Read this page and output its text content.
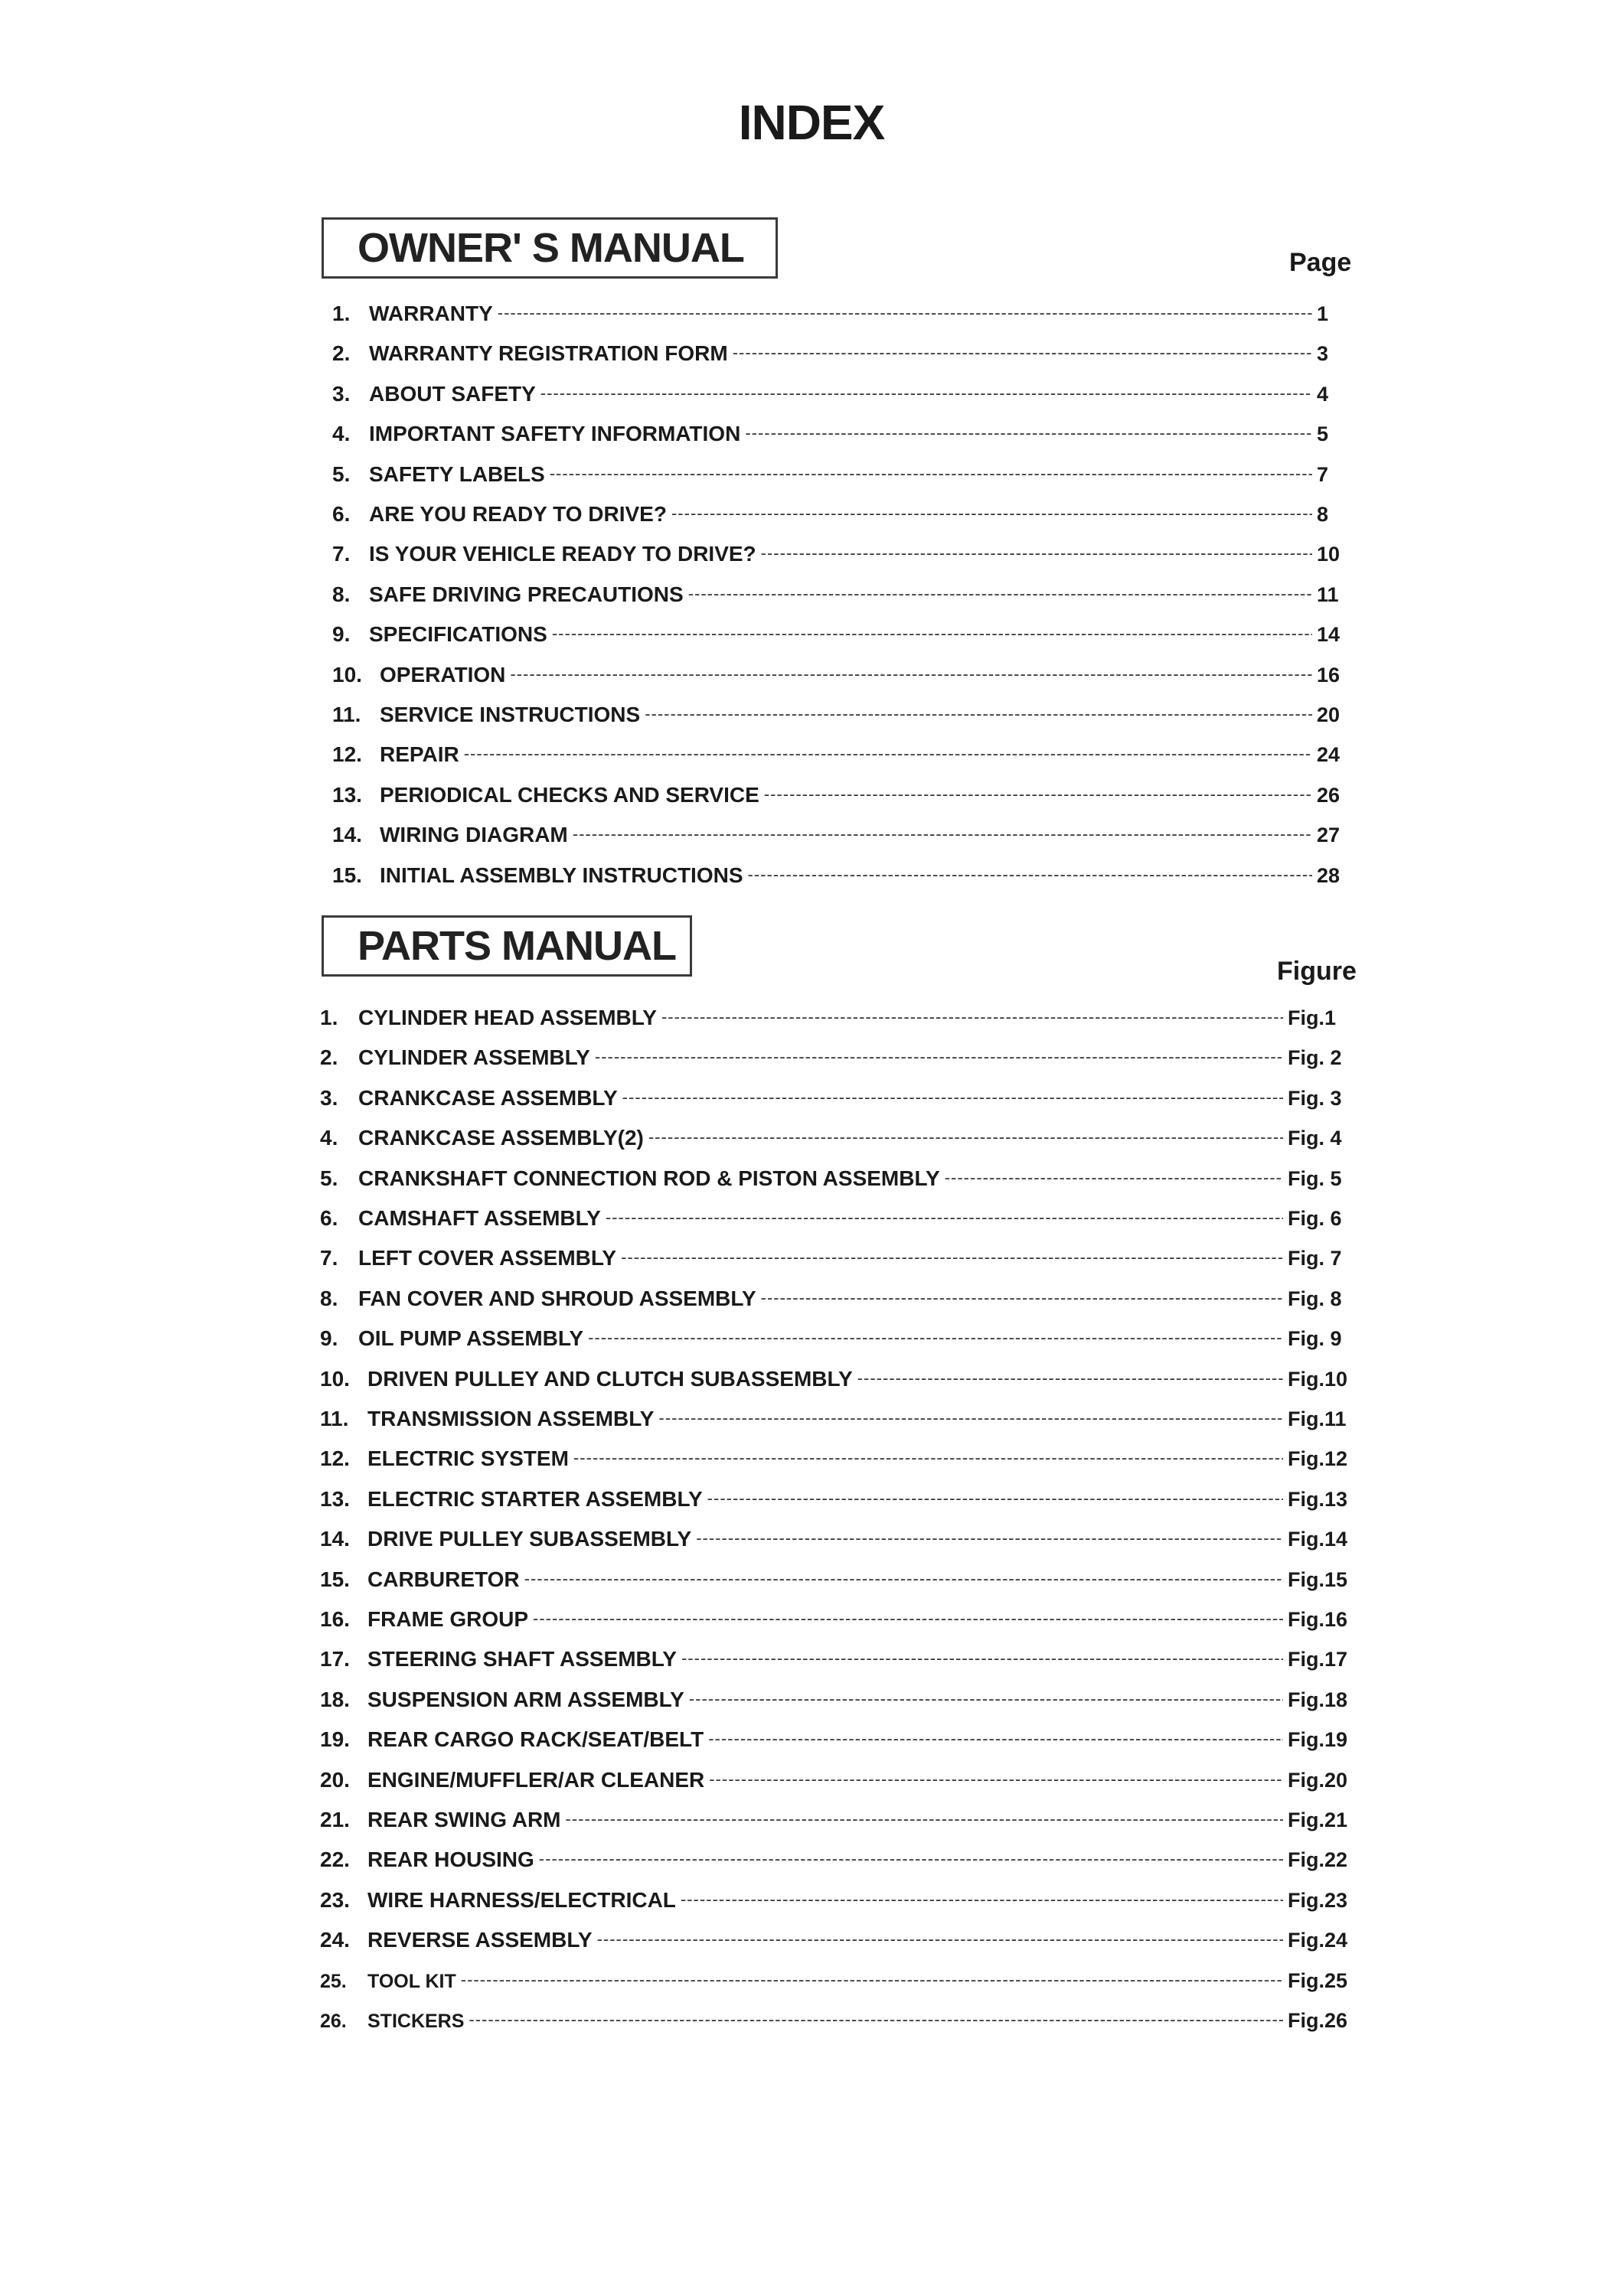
INDEX
OWNER' S MANUAL	Page
1. WARRANTY -----	1
2. WARRANTY REGISTRATION FORM -----	3
3. ABOUT SAFETY -----	4
4. IMPORTANT SAFETY INFORMATION -----	5
5. SAFETY LABELS -----	7
6. ARE YOU READY TO DRIVE? -----	8
7. IS YOUR VEHICLE READY TO DRIVE? -----	10
8. SAFE DRIVING PRECAUTIONS -----	11
9. SPECIFICATIONS -----	14
10. OPERATION -----	16
11. SERVICE INSTRUCTIONS -----	20
12. REPAIR -----	24
13. PERIODICAL CHECKS AND SERVICE -----	26
14. WIRING DIAGRAM -----	27
15. INITIAL ASSEMBLY INSTRUCTIONS -----	28
PARTS MANUAL
Figure
1. CYLINDER HEAD ASSEMBLY -----	Fig.1
2. CYLINDER ASSEMBLY -----	Fig. 2
3. CRANKCASE ASSEMBLY -----	Fig. 3
4. CRANKCASE ASSEMBLY(2) -----	Fig. 4
5. CRANKSHAFT CONNECTION ROD & PISTON ASSEMBLY -----	Fig. 5
6. CAMSHAFT ASSEMBLY -----	Fig. 6
7. LEFT COVER ASSEMBLY -----	Fig. 7
8. FAN COVER AND SHROUD ASSEMBLY -----	Fig. 8
9. OIL PUMP ASSEMBLY -----	Fig. 9
10. DRIVEN PULLEY AND CLUTCH SUBASSEMBLY -----	Fig.10
11. TRANSMISSION ASSEMBLY -----	Fig.11
12. ELECTRIC SYSTEM -----	Fig.12
13. ELECTRIC STARTER ASSEMBLY -----	Fig.13
14. DRIVE PULLEY SUBASSEMBLY -----	Fig.14
15. CARBURETOR -----	Fig.15
16. FRAME GROUP -----	Fig.16
17. STEERING SHAFT ASSEMBLY -----	Fig.17
18. SUSPENSION ARM ASSEMBLY -----	Fig.18
19. REAR CARGO RACK/SEAT/BELT -----	Fig.19
20. ENGINE/MUFFLER/AR CLEANER -----	Fig.20
21. REAR SWING ARM -----	Fig.21
22. REAR HOUSING -----	Fig.22
23. WIRE HARNESS/ELECTRICAL -----	Fig.23
24. REVERSE ASSEMBLY -----	Fig.24
25.	TOOL KIT -----	Fig.25
26.	STICKERS -----	Fig.26
